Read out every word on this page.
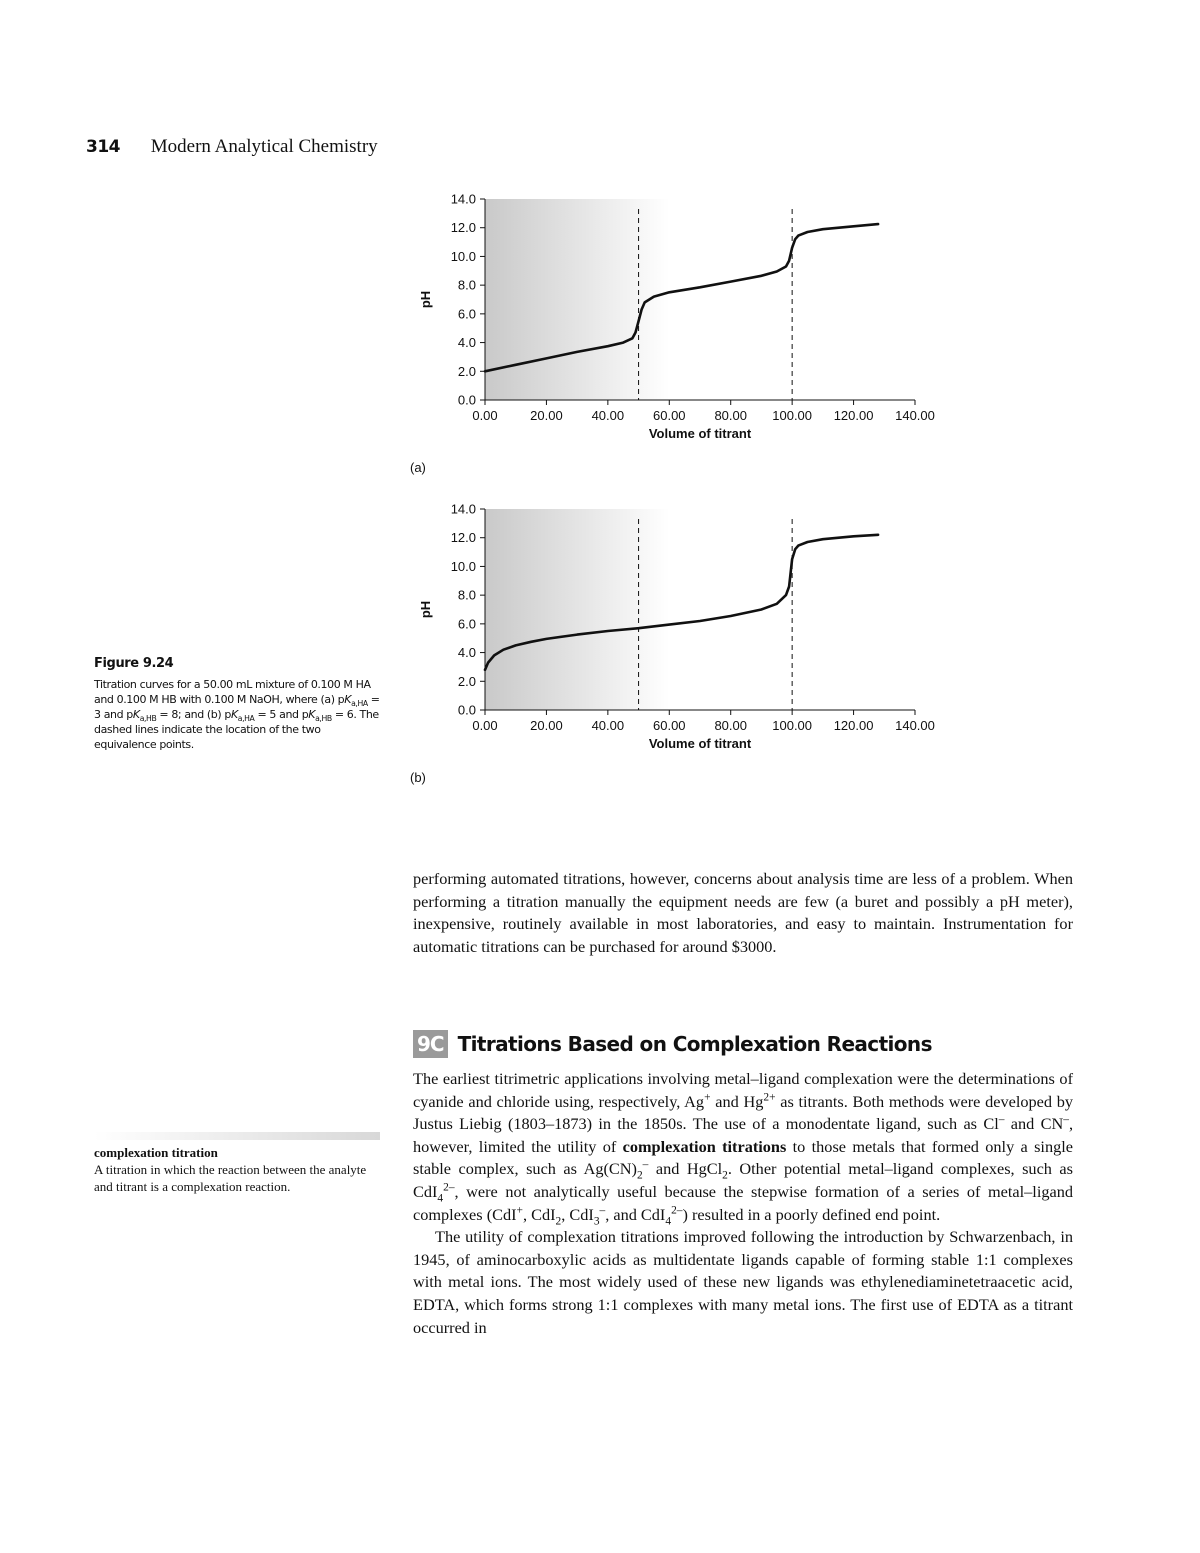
314 Modern Analytical Chemistry
0.0
2.0
4.0
6.0
8.0
10.0
12.0
14.0
0.00 20.00 40.00 60.00 80.00 100.00 120.00 140.00
Volume of titrant
pH
(a)
0.0
2.0
4.0
6.0
8.0
10.0
12.0
14.0
0.00 20.00 40.00 60.00 80.00 100.00 120.00 140.00
Volume of titrant
pH
(b)
Figure 9.24
Titration curves for a 50.00 mL mixture of 0.100 M HA and 0.100 M HB with 0.100 M NaOH, where (a) $pK_{a,HA} = 3$ and $pK_{a,HB} = 8$; and (b) $pK_{a,HA} = 5$ and $pK_{a,HB} = 6$. The dashed lines indicate the location of the two equivalence points.

performing automated titrations, however, concerns about analysis time are less of a problem. When performing a titration manually the equipment needs are few (a buret and possibly a pH meter), inexpensive, routinely available in most laboratories, and easy to maintain. Instrumentation for automatic titrations can be purchased for around $3000.

9C Titrations Based on Complexation Reactions
complexation titration
A titration in which the reaction between the analyte and titrant is a complexation reaction.

The earliest titrimetric applications involving metal–ligand complexation were the determinations of cyanide and chloride using, respectively, Ag+ and $Hg^{2+}$ as titrants. Both methods were developed by Justus Liebig (1803–1873) in the 1850s. The use of a monodentate ligand, such as Cl– and CN–, however, limited the utility of complexation titrations to those metals that formed only a single stable complex, such as $Ag(CN)_2^-$ and HgCl$_2$. Other potential metal–ligand complexes, such as CdI$_4^{2-}$, were not analytically useful because the stepwise formation of a series of metal–ligand complexes (CdI+, CdI$_2$, CdI$_3$–, and CdI$_4^{2-}$) resulted in a poorly defined end point.

The utility of complexation titrations improved following the introduction by Schwarzenbach, in 1945, of aminocarboxylic acids as multidentate ligands capable of forming stable 1:1 complexes with metal ions. The most widely used of these new ligands was ethylenediaminetetraacetic acid, EDTA, which forms strong 1:1 complexes with many metal ions. The first use of EDTA as a titrant occurred in
